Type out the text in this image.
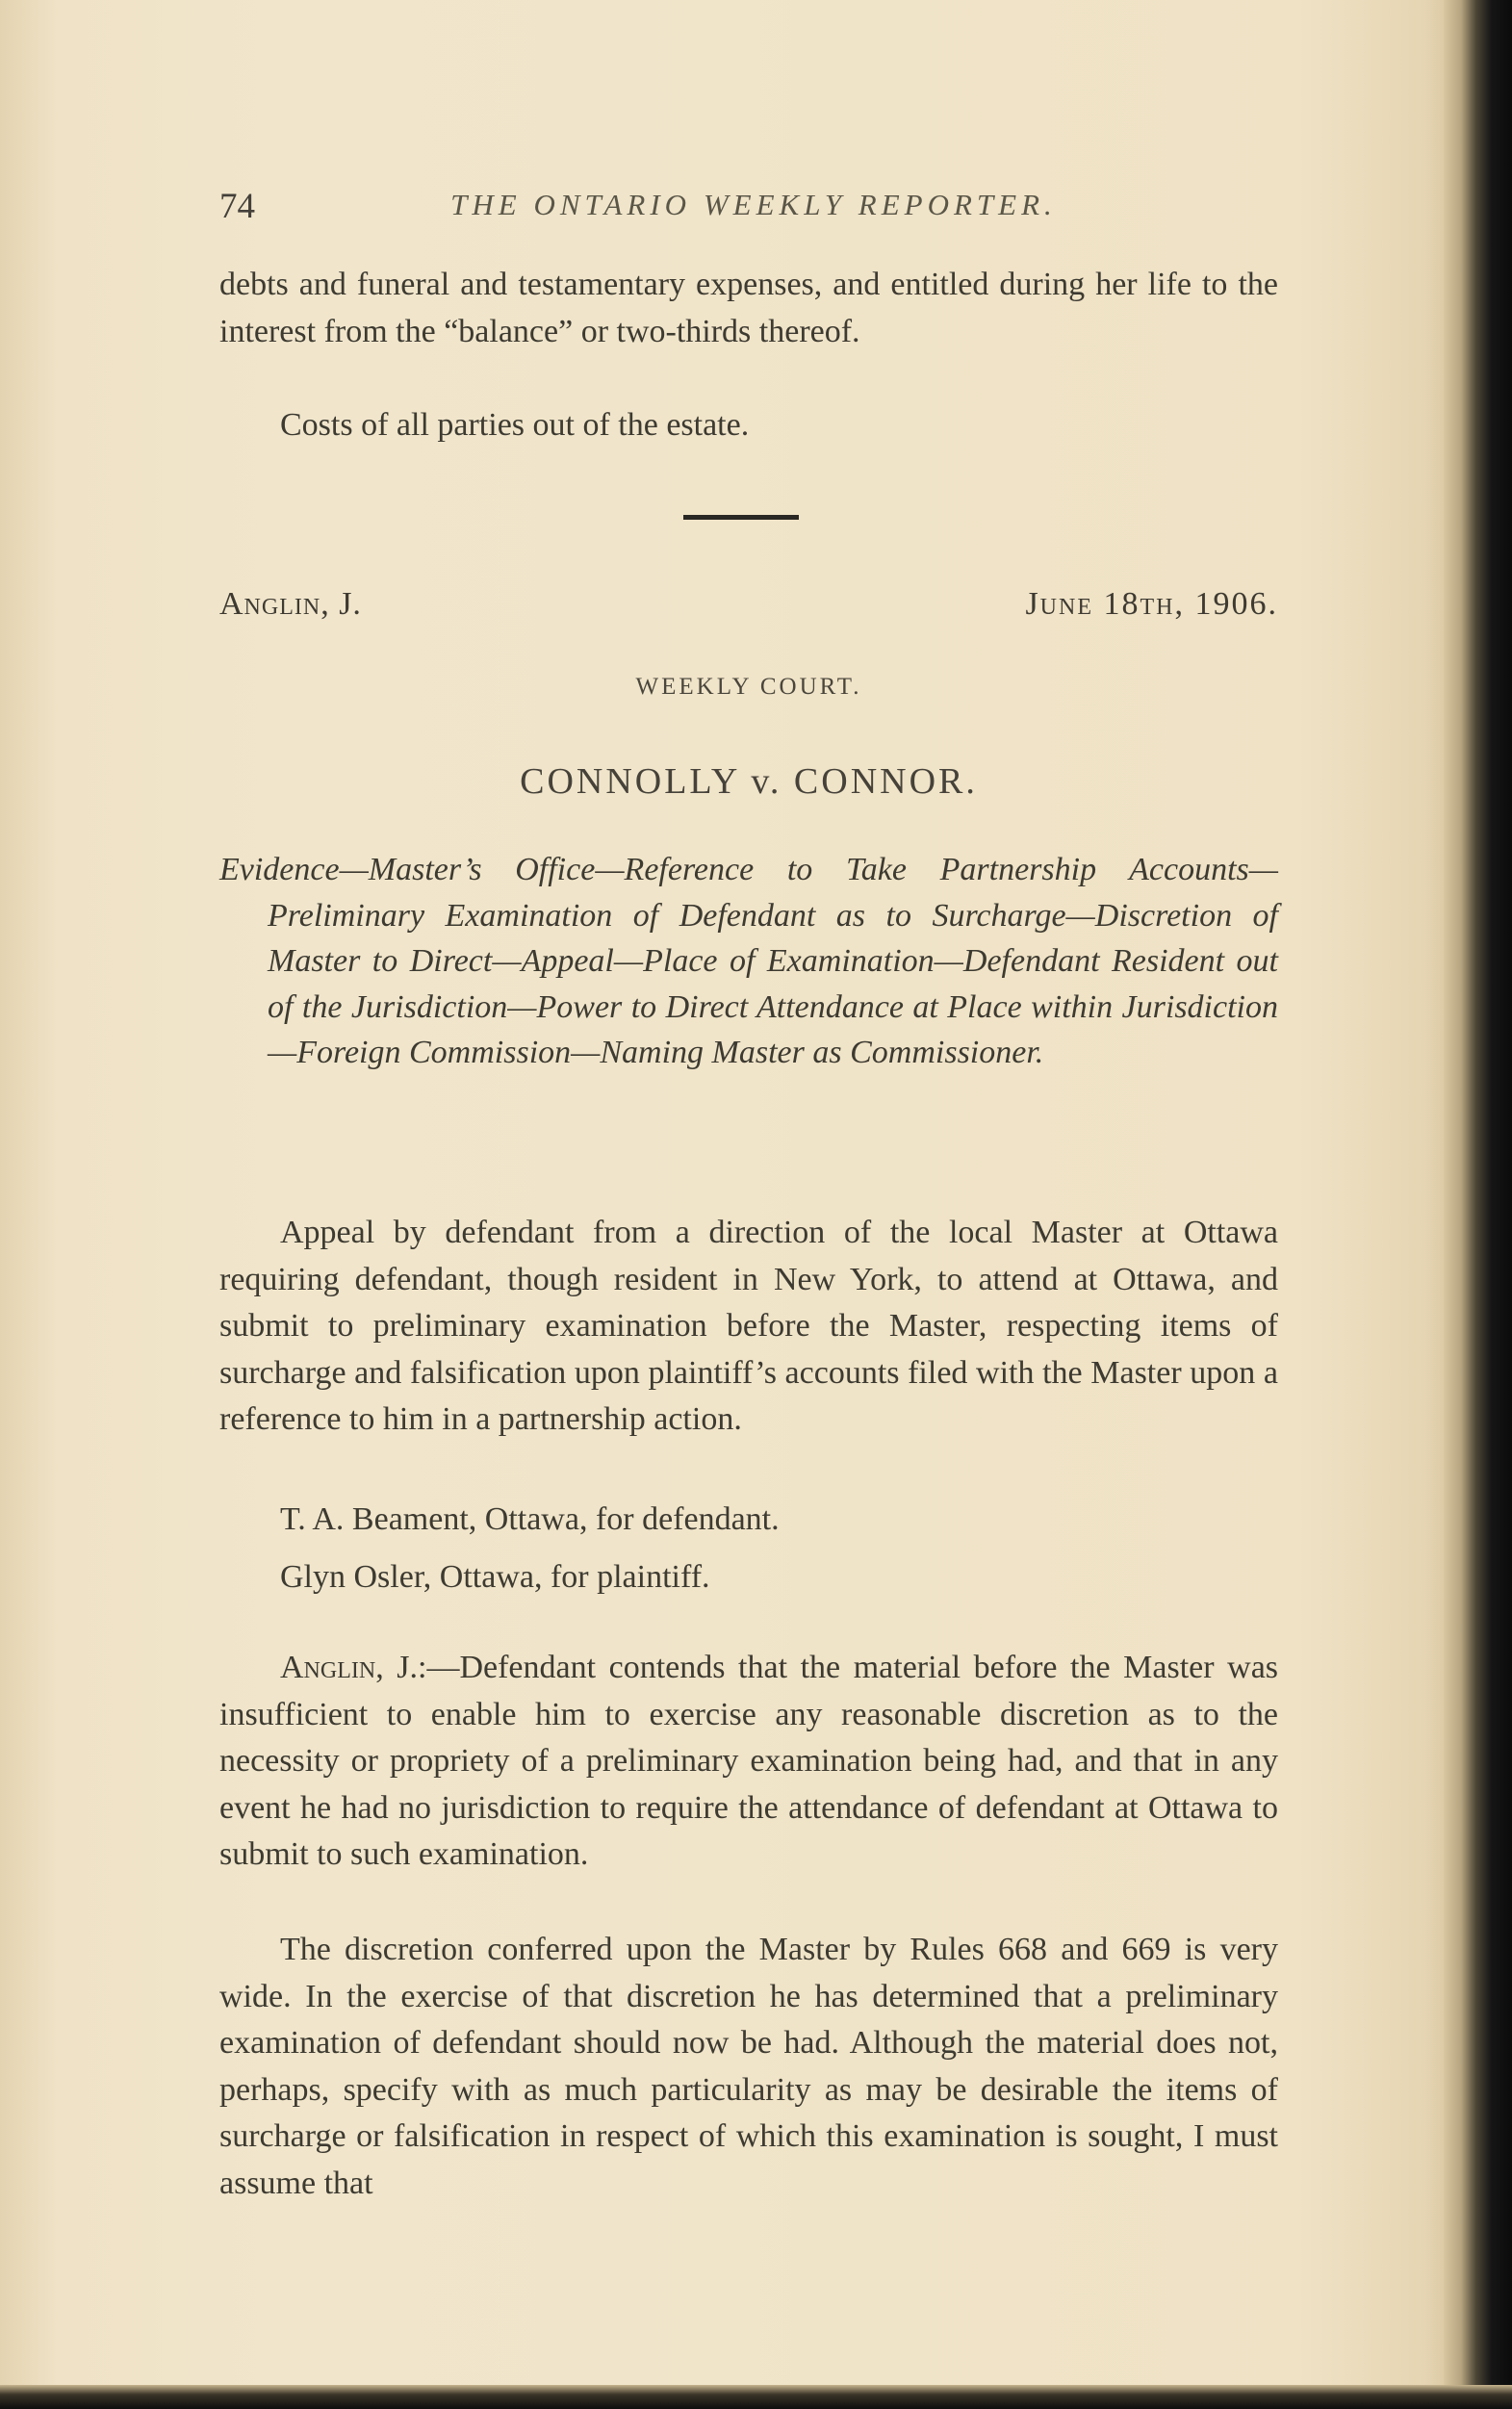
74	THE ONTARIO WEEKLY REPORTER.
debts and funeral and testamentary expenses, and entitled during her life to the interest from the “balance” or two-thirds thereof.
Costs of all parties out of the estate.
Anglin, J.	June 18th, 1906.
WEEKLY COURT.
CONNOLLY v. CONNOR.
Evidence—Master’s Office—Reference to Take Partnership Accounts—Preliminary Examination of Defendant as to Surcharge—Discretion of Master to Direct—Appeal—Place of Examination—Defendant Resident out of the Jurisdiction—Power to Direct Attendance at Place within Jurisdiction—Foreign Commission—Naming Master as Commissioner.
Appeal by defendant from a direction of the local Master at Ottawa requiring defendant, though resident in New York, to attend at Ottawa, and submit to preliminary examination before the Master, respecting items of surcharge and falsification upon plaintiff’s accounts filed with the Master upon a reference to him in a partnership action.
T. A. Beament, Ottawa, for defendant.
Glyn Osler, Ottawa, for plaintiff.
Anglin, J.:—Defendant contends that the material before the Master was insufficient to enable him to exercise any reasonable discretion as to the necessity or propriety of a preliminary examination being had, and that in any event he had no jurisdiction to require the attendance of defendant at Ottawa to submit to such examination.
The discretion conferred upon the Master by Rules 668 and 669 is very wide. In the exercise of that discretion he has determined that a preliminary examination of defendant should now be had. Although the material does not, perhaps, specify with as much particularity as may be desirable the items of surcharge or falsification in respect of which this examination is sought, I must assume that
